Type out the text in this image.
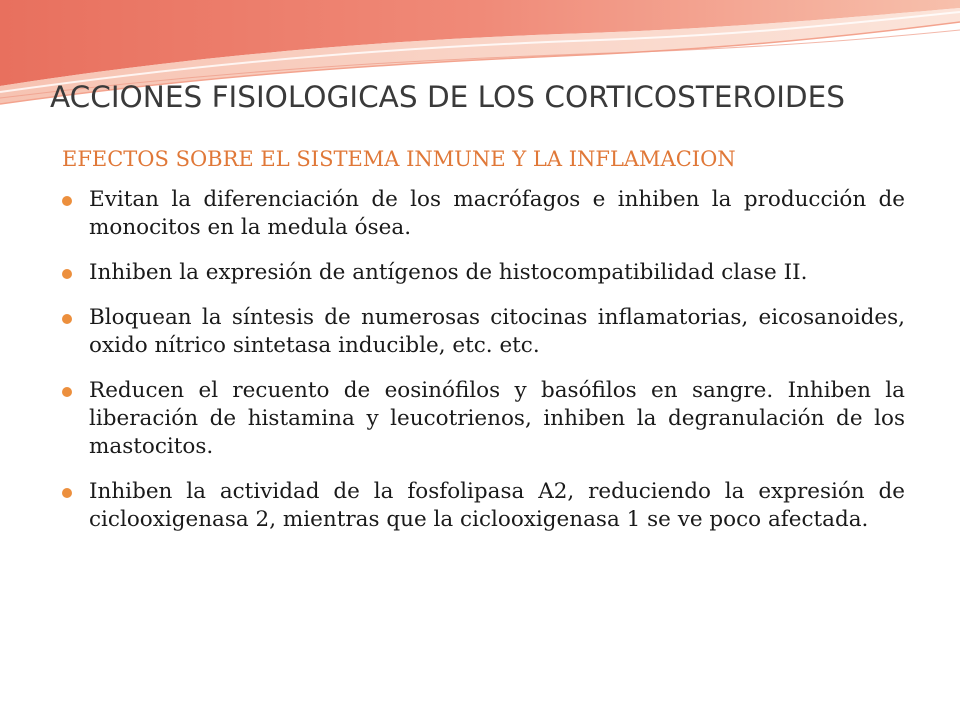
ACCIONES FISIOLOGICAS DE LOS CORTICOSTEROIDES
EFECTOS SOBRE EL SISTEMA INMUNE Y LA INFLAMACION
Evitan la diferenciación de los macrófagos e inhiben la producción de monocitos en la medula ósea.
Inhiben la expresión de antígenos de histocompatibilidad clase II.
Bloquean la síntesis de numerosas citocinas inflamatorias, eicosanoides, oxido nítrico sintetasa inducible, etc. etc.
Reducen el recuento de eosinófilos y basófilos en sangre. Inhiben la liberación de histamina y leucotrienos, inhiben la degranulación de los mastocitos.
Inhiben la actividad de la fosfolipasa A2, reduciendo la expresión de ciclooxigenasa 2, mientras que la ciclooxigenasa 1 se ve poco afectada.
